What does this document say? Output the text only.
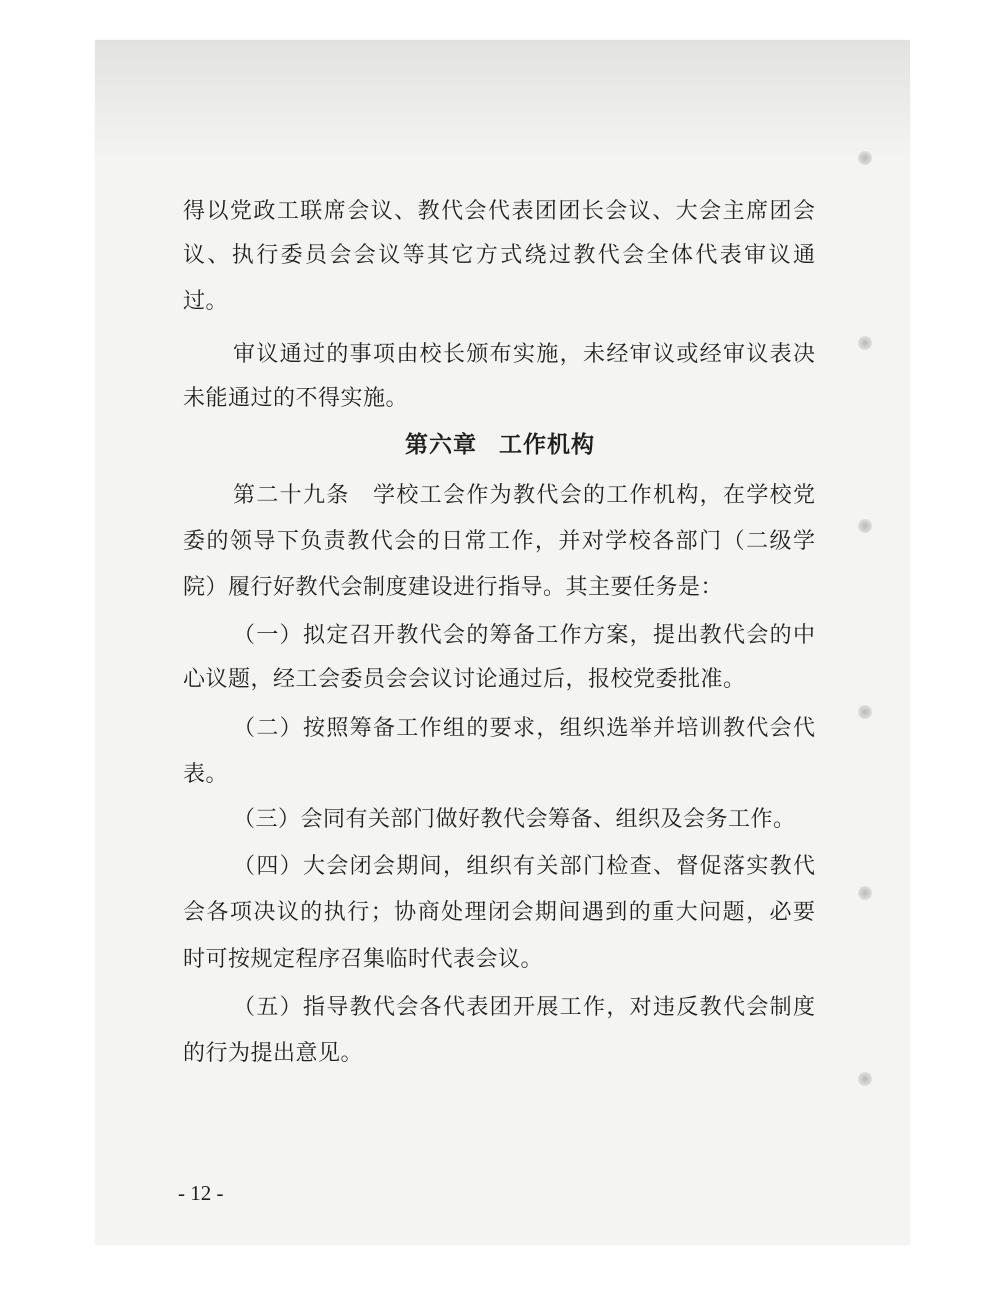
得以党政工联席会议、教代会代表团团长会议、大会主席团会
议、执行委员会会议等其它方式绕过教代会全体代表审议通
过。
审议通过的事项由校长颁布实施，未经审议或经审议表决
未能通过的不得实施。
第六章 工作机构
第二十九条　学校工会作为教代会的工作机构，在学校党
委的领导下负责教代会的日常工作，并对学校各部门（二级学
院）履行好教代会制度建设进行指导。其主要任务是：
（一）拟定召开教代会的筹备工作方案，提出教代会的中
心议题，经工会委员会会议讨论通过后，报校党委批准。
（二）按照筹备工作组的要求，组织选举并培训教代会代
表。
（三）会同有关部门做好教代会筹备、组织及会务工作。
（四）大会闭会期间，组织有关部门检查、督促落实教代
会各项决议的执行；协商处理闭会期间遇到的重大问题，必要
时可按规定程序召集临时代表会议。
（五）指导教代会各代表团开展工作，对违反教代会制度
的行为提出意见。
- 12 -
